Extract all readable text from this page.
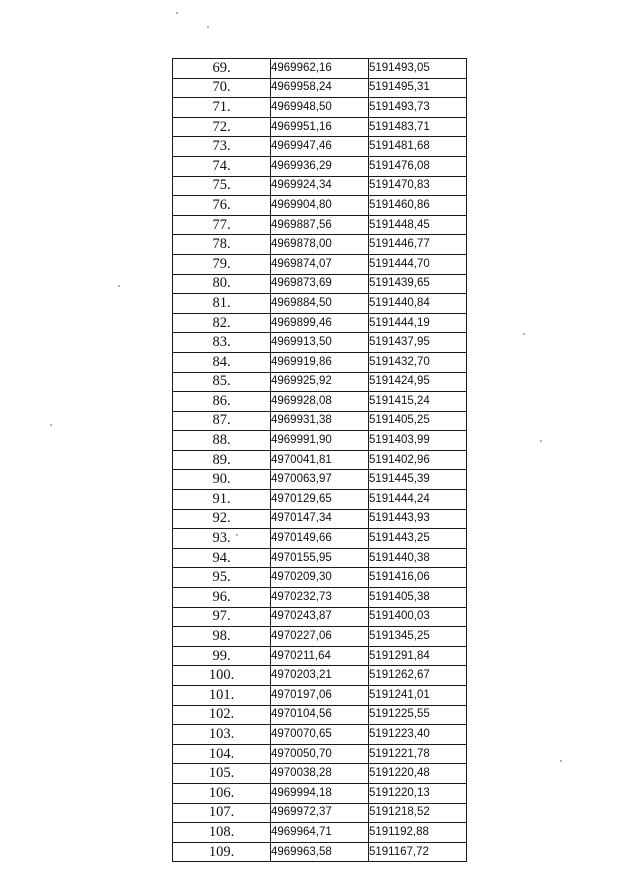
69.	4969962,16	5191493,05
70.	4969958,24	5191495,31
71.	4969948,50	5191493,73
72.	4969951,16	5191483,71
73.	4969947,46	5191481,68
74.	4969936,29	5191476,08
75.	4969924,34	5191470,83
76.	4969904,80	5191460,86
77.	4969887,56	5191448,45
78.	4969878,00	5191446,77
79.	4969874,07	5191444,70
80.	4969873,69	5191439,65
81.	4969884,50	5191440,84
82.	4969899,46	5191444,19
83.	4969913,50	5191437,95
84.	4969919,86	5191432,70
85.	4969925,92	5191424,95
86.	4969928,08	5191415,24
87.	4969931,38	5191405,25
88.	4969991,90	5191403,99
89.	4970041,81	5191402,96
90.	4970063,97	5191445,39
91.	4970129,65	5191444,24
92.	4970147,34	5191443,93
93.	4970149,66	5191443,25
94.	4970155,95	5191440,38
95.	4970209,30	5191416,06
96.	4970232,73	5191405,38
97.	4970243,87	5191400,03
98.	4970227,06	5191345,25
99.	4970211,64	5191291,84
100.	4970203,21	5191262,67
101.	4970197,06	5191241,01
102.	4970104,56	5191225,55
103.	4970070,65	5191223,40
104.	4970050,70	5191221,78
105.	4970038,28	5191220,48
106.	4969994,18	5191220,13
107.	4969972,37	5191218,52
108.	4969964,71	5191192,88
109.	4969963,58	5191167,72
